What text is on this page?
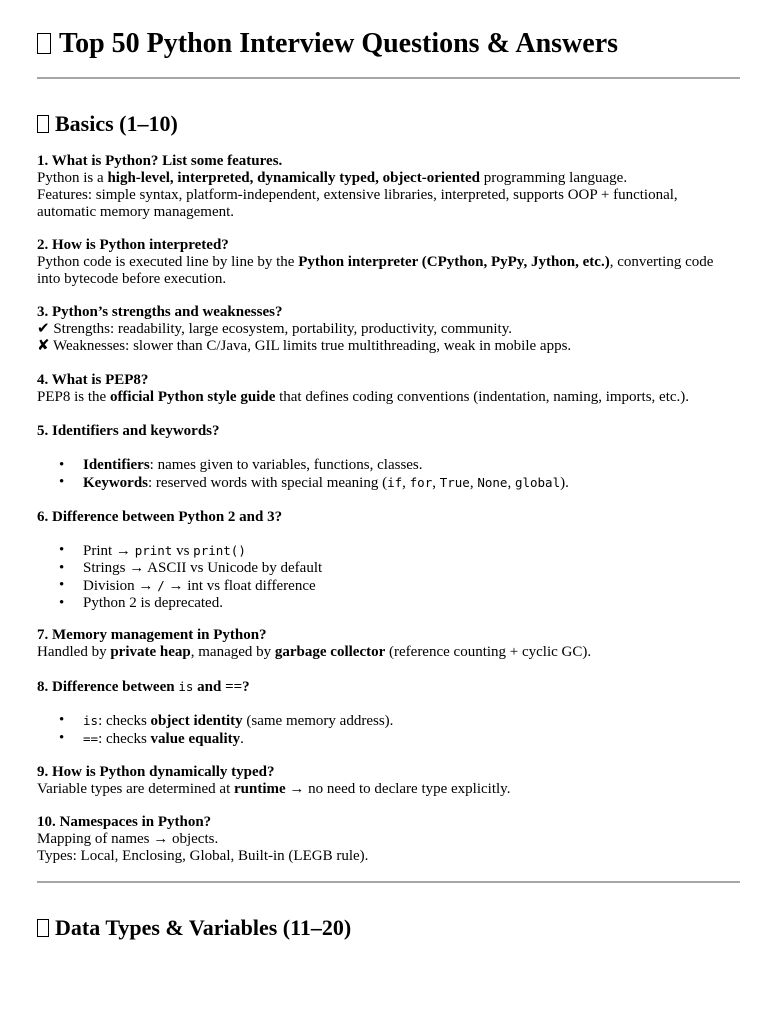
Top 50 Python Interview Questions & Answers
Basics (1–10)
1. What is Python? List some features.
Python is a high-level, interpreted, dynamically typed, object-oriented programming language.
Features: simple syntax, platform-independent, extensive libraries, interpreted, supports OOP + functional,
automatic memory management.
2. How is Python interpreted?
Python code is executed line by line by the Python interpreter (CPython, PyPy, Jython, etc.), converting code
into bytecode before execution.
3. Python’s strengths and weaknesses?
✔ Strengths: readability, large ecosystem, portability, productivity, community.
✘ Weaknesses: slower than C/Java, GIL limits true multithreading, weak in mobile apps.
4. What is PEP8?
PEP8 is the official Python style guide that defines coding conventions (indentation, naming, imports, etc.).
5. Identifiers and keywords?
• Identifiers: names given to variables, functions, classes.
• Keywords: reserved words with special meaning (if, for, True, None, global).
6. Difference between Python 2 and 3?
• Print → print vs print()
• Strings → ASCII vs Unicode by default
• Division → / → int vs float difference
• Python 2 is deprecated.
7. Memory management in Python?
Handled by private heap, managed by garbage collector (reference counting + cyclic GC).
8. Difference between is and ==?
• is: checks object identity (same memory address).
• ==: checks value equality.
9. How is Python dynamically typed?
Variable types are determined at runtime → no need to declare type explicitly.
10. Namespaces in Python?
Mapping of names → objects.
Types: Local, Enclosing, Global, Built-in (LEGB rule).
Data Types & Variables (11–20)
